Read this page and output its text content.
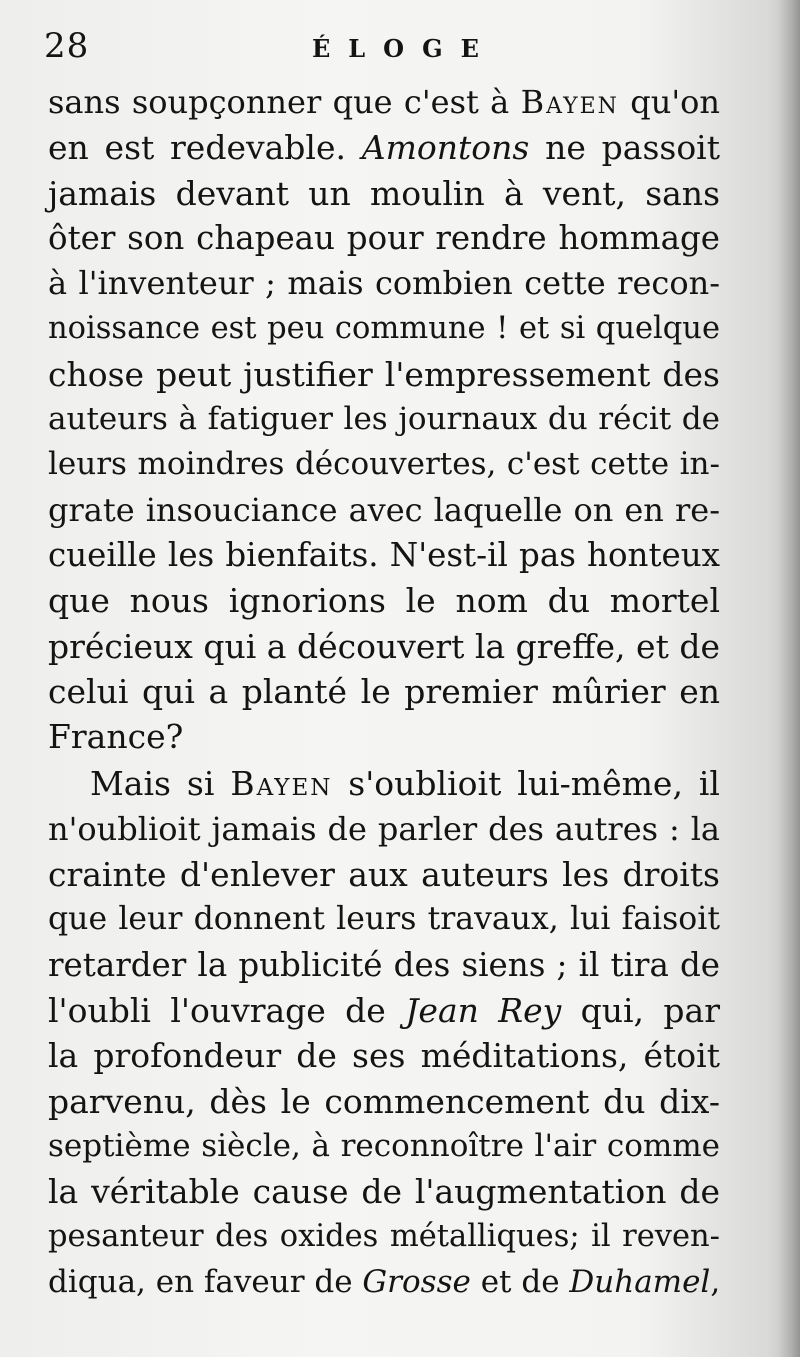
28	ÉLOGE
sans soupçonner que c'est à Bayen qu'on
en est redevable. Amontons ne passoit
jamais devant un moulin à vent, sans
ôter son chapeau pour rendre hommage
à l'inventeur ; mais combien cette recon-
noissance est peu commune ! et si quelque
chose peut justifier l'empressement des
auteurs à fatiguer les journaux du récit de
leurs moindres découvertes, c'est cette in-
grate insouciance avec laquelle on en re-
cueille les bienfaits. N'est-il pas honteux
que nous ignorions le nom du mortel
précieux qui a découvert la greffe, et de
celui qui a planté le premier mûrier en
France?
Mais si Bayen s'oublioit lui-même, il
n'oublioit jamais de parler des autres : la
crainte d'enlever aux auteurs les droits
que leur donnent leurs travaux, lui faisoit
retarder la publicité des siens ; il tira de
l'oubli l'ouvrage de Jean Rey qui, par
la profondeur de ses méditations, étoit
parvenu, dès le commencement du dix-
septième siècle, à reconnoître l'air comme
la véritable cause de l'augmentation de
pesanteur des oxides métalliques; il reven-
diqua, en faveur de Grosse et de Duhamel,
